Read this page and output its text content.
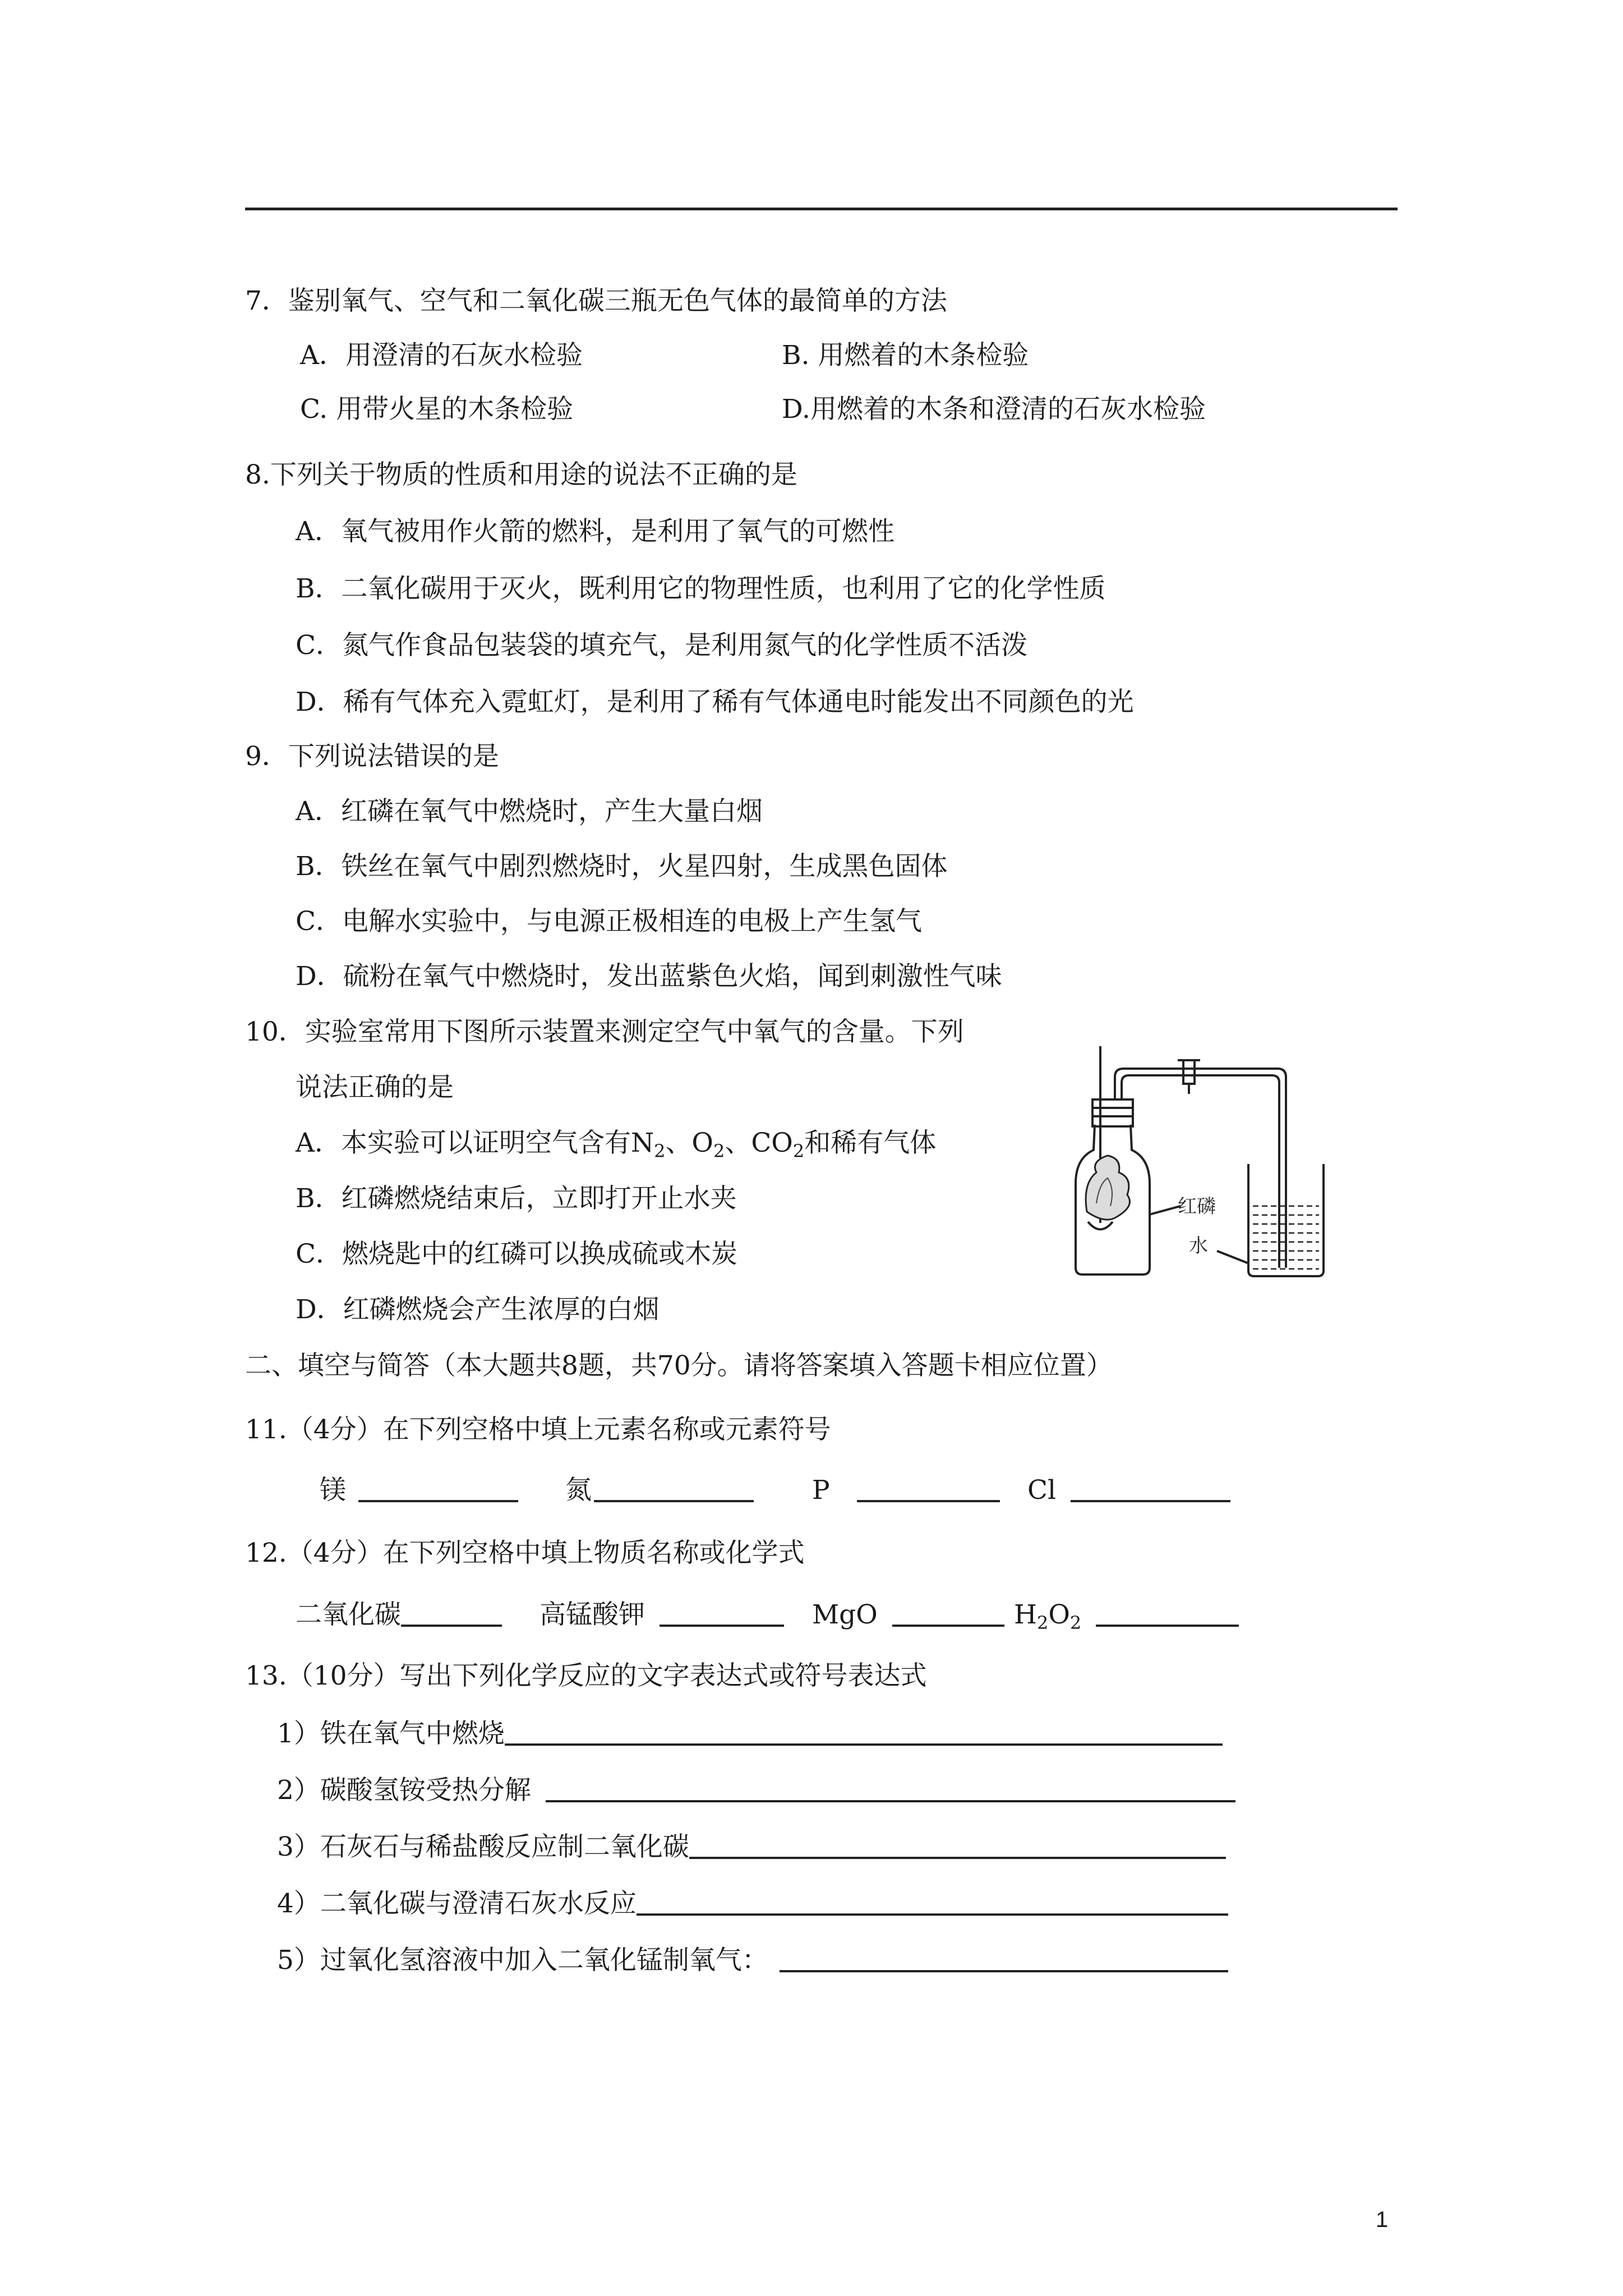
7．鉴别氧气、空气和二氧化碳三瓶无色气体的最简单的方法
A．用澄清的石灰水检验	B. 用燃着的木条检验
C. 用带火星的木条检验	D.用燃着的木条和澄清的石灰水检验
8.下列关于物质的性质和用途的说法不正确的是
A．氧气被用作火箭的燃料，是利用了氧气的可燃性
B．二氧化碳用于灭火，既利用它的物理性质，也利用了它的化学性质
C．氮气作食品包装袋的填充气，是利用氮气的化学性质不活泼
D．稀有气体充入霓虹灯，是利用了稀有气体通电时能发出不同颜色的光
9．下列说法错误的是
A．红磷在氧气中燃烧时，产生大量白烟
B．铁丝在氧气中剧烈燃烧时，火星四射，生成黑色固体
C．电解水实验中，与电源正极相连的电极上产生氢气
D．硫粉在氧气中燃烧时，发出蓝紫色火焰，闻到刺激性气味
10．实验室常用下图所示装置来测定空气中氧气的含量。下列
说法正确的是
A．本实验可以证明空气含有$N_2$、$O_2$、$CO_2$和稀有气体
B．红磷燃烧结束后，立即打开止水夹
C．燃烧匙中的红磷可以换成硫或木炭
D．红磷燃烧会产生浓厚的白烟
红磷
水
二、填空与简答（本大题共8题，共70分。请将答案填入答题卡相应位置）
11.（4分）在下列空格中填上元素名称或元素符号
镁	氮	P	Cl
12.（4分）在下列空格中填上物质名称或化学式
二氧化碳	高锰酸钾	MgO	$H_2O_2$
13.（10分）写出下列化学反应的文字表达式或符号表达式
1）铁在氧气中燃烧
2）碳酸氢铵受热分解
3）石灰石与稀盐酸反应制二氧化碳
4）二氧化碳与澄清石灰水反应
5）过氧化氢溶液中加入二氧化锰制氧气：
1
